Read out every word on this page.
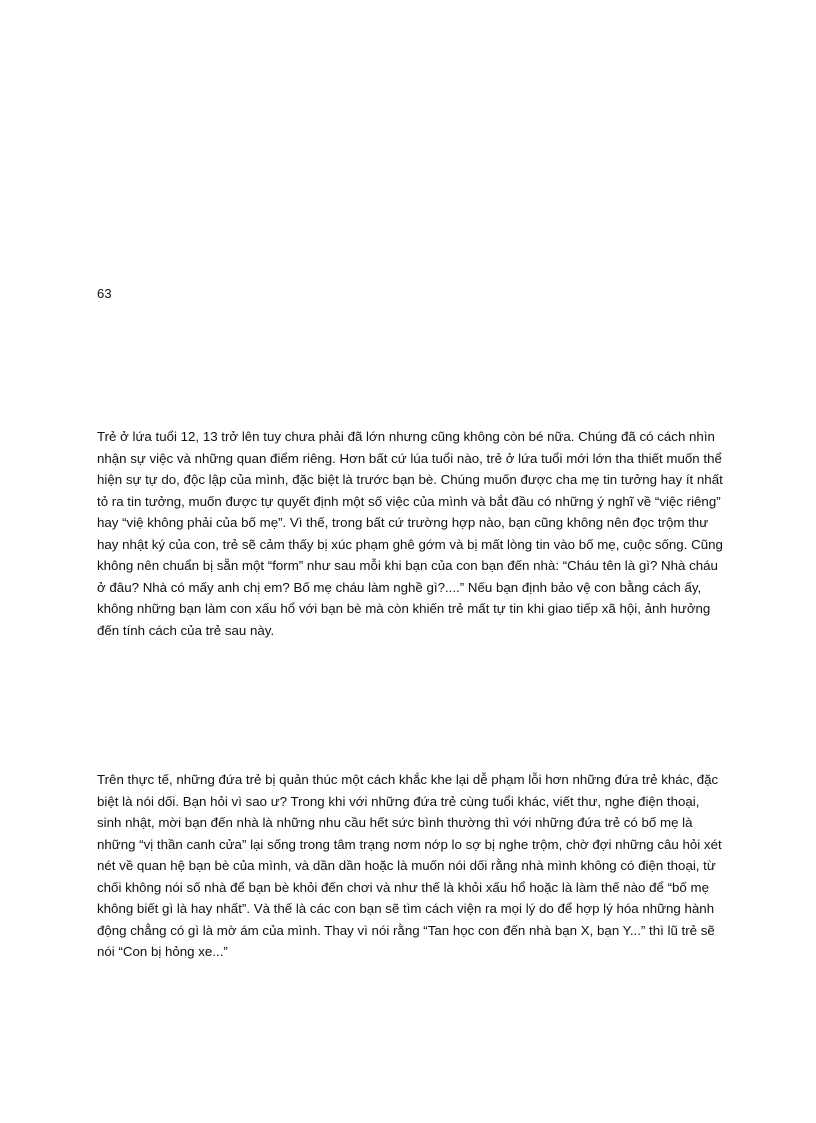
63

Trẻ ở lứa tuổi 12, 13 trở lên tuy chưa phải đã lớn nhưng cũng không còn bé nữa. Chúng đã có cách nhìn nhận sự việc và những quan điểm riêng. Hơn bất cứ lúa tuổi nào, trẻ ở lứa tuổi mới lớn tha thiết muốn thể hiện sự tự do, độc lập của mình, đặc biệt là trước bạn bè. Chúng muốn được cha mẹ tin tưởng hay ít nhất tỏ ra tin tưởng, muốn được tự quyết định một số việc của mình và bắt đầu có những ý nghĩ về “việc riêng” hay “việ không phải của bố mẹ”. Vì thế, trong bất cứ trường hợp nào, bạn cũng không nên đọc trộm thư hay nhật ký của con, trẻ sẽ cảm thấy bị xúc phạm ghê gớm và bị mất lòng tin vào bố mẹ, cuộc sống. Cũng không nên chuẩn bị sẵn một “form” như sau mỗi khi bạn của con bạn đến nhà: “Cháu tên là gì? Nhà cháu ở đâu? Nhà có mấy anh chị em? Bố mẹ cháu làm nghề gì?....” Nếu bạn định bảo vệ con bằng cách ấy, không những bạn làm con xấu hổ với bạn bè mà còn khiến trẻ mất tự tin khi giao tiếp xã hội, ảnh hưởng đến tính cách của trẻ sau này.

Trên thực tế, những đứa trẻ bị quản thúc một cách khắc khe lại dễ phạm lỗi hơn những đứa trẻ khác, đặc biệt là nói dối. Bạn hỏi vì sao ư? Trong khi với những đứa trẻ cùng tuổi khác, viết thư, nghe điện thoại, sinh nhật, mời bạn đến nhà là những nhu cầu hết sức bình thường thì với những đứa trẻ có bố mẹ là những “vị thần canh cửa” lại sống trong tâm trạng nơm nớp lo sợ bị nghe trộm, chờ đợi những câu hỏi xét nét về quan hệ bạn bè của mình, và dần dần hoặc là muốn nói dối rằng nhà mình không có điện thoại, từ chối không nói số nhà để bạn bè khỏi đến chơi và như thế là khỏi xấu hổ hoặc là làm thế nào để “bố mẹ không biết gì là hay nhất”. Và thế là các con bạn sẽ tìm cách viện ra mọi lý do để hợp lý hóa những hành động chẳng có gì là mờ ám của mình. Thay vì nói rằng “Tan học con đến nhà bạn X, bạn Y...” thì lũ trẻ sẽ nói “Con bị hỏng xe...”
